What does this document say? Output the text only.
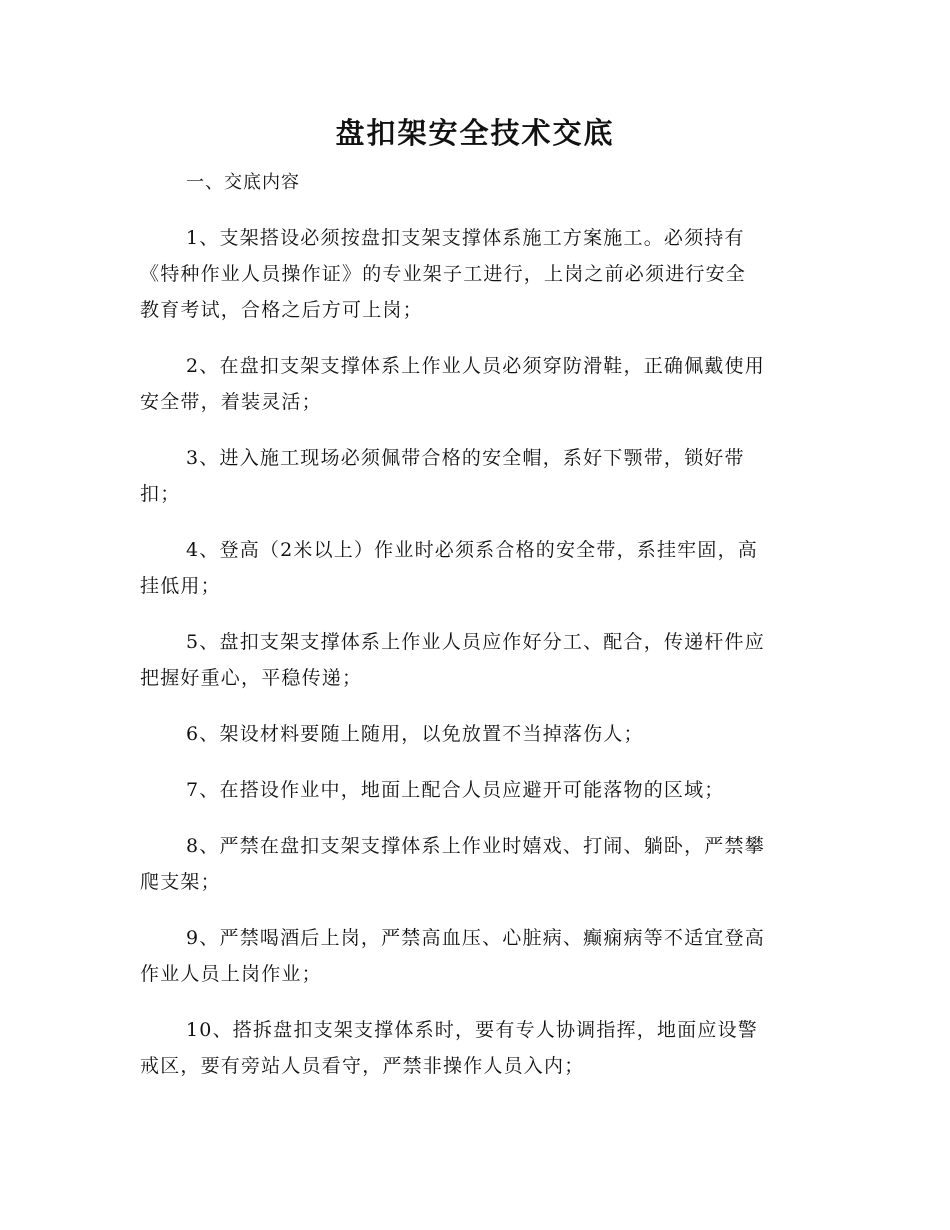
盘扣架安全技术交底
一、交底内容
1、支架搭设必须按盘扣支架支撑体系施工方案施工。必须持有
《特种作业人员操作证》的专业架子工进行，上岗之前必须进行安全
教育考试，合格之后方可上岗；
2、在盘扣支架支撑体系上作业人员必须穿防滑鞋，正确佩戴使用
安全带，着装灵活；
3、进入施工现场必须佩带合格的安全帽，系好下颚带，锁好带
扣；
4、登高（2米以上）作业时必须系合格的安全带，系挂牢固，高
挂低用；
5、盘扣支架支撑体系上作业人员应作好分工、配合，传递杆件应
把握好重心，平稳传递；
6、架设材料要随上随用，以免放置不当掉落伤人；
7、在搭设作业中，地面上配合人员应避开可能落物的区域；
8、严禁在盘扣支架支撑体系上作业时嬉戏、打闹、躺卧，严禁攀
爬支架；
9、严禁喝酒后上岗，严禁高血压、心脏病、癫痫病等不适宜登高
作业人员上岗作业；
10、搭拆盘扣支架支撑体系时，要有专人协调指挥，地面应设警
戒区，要有旁站人员看守，严禁非操作人员入内；
